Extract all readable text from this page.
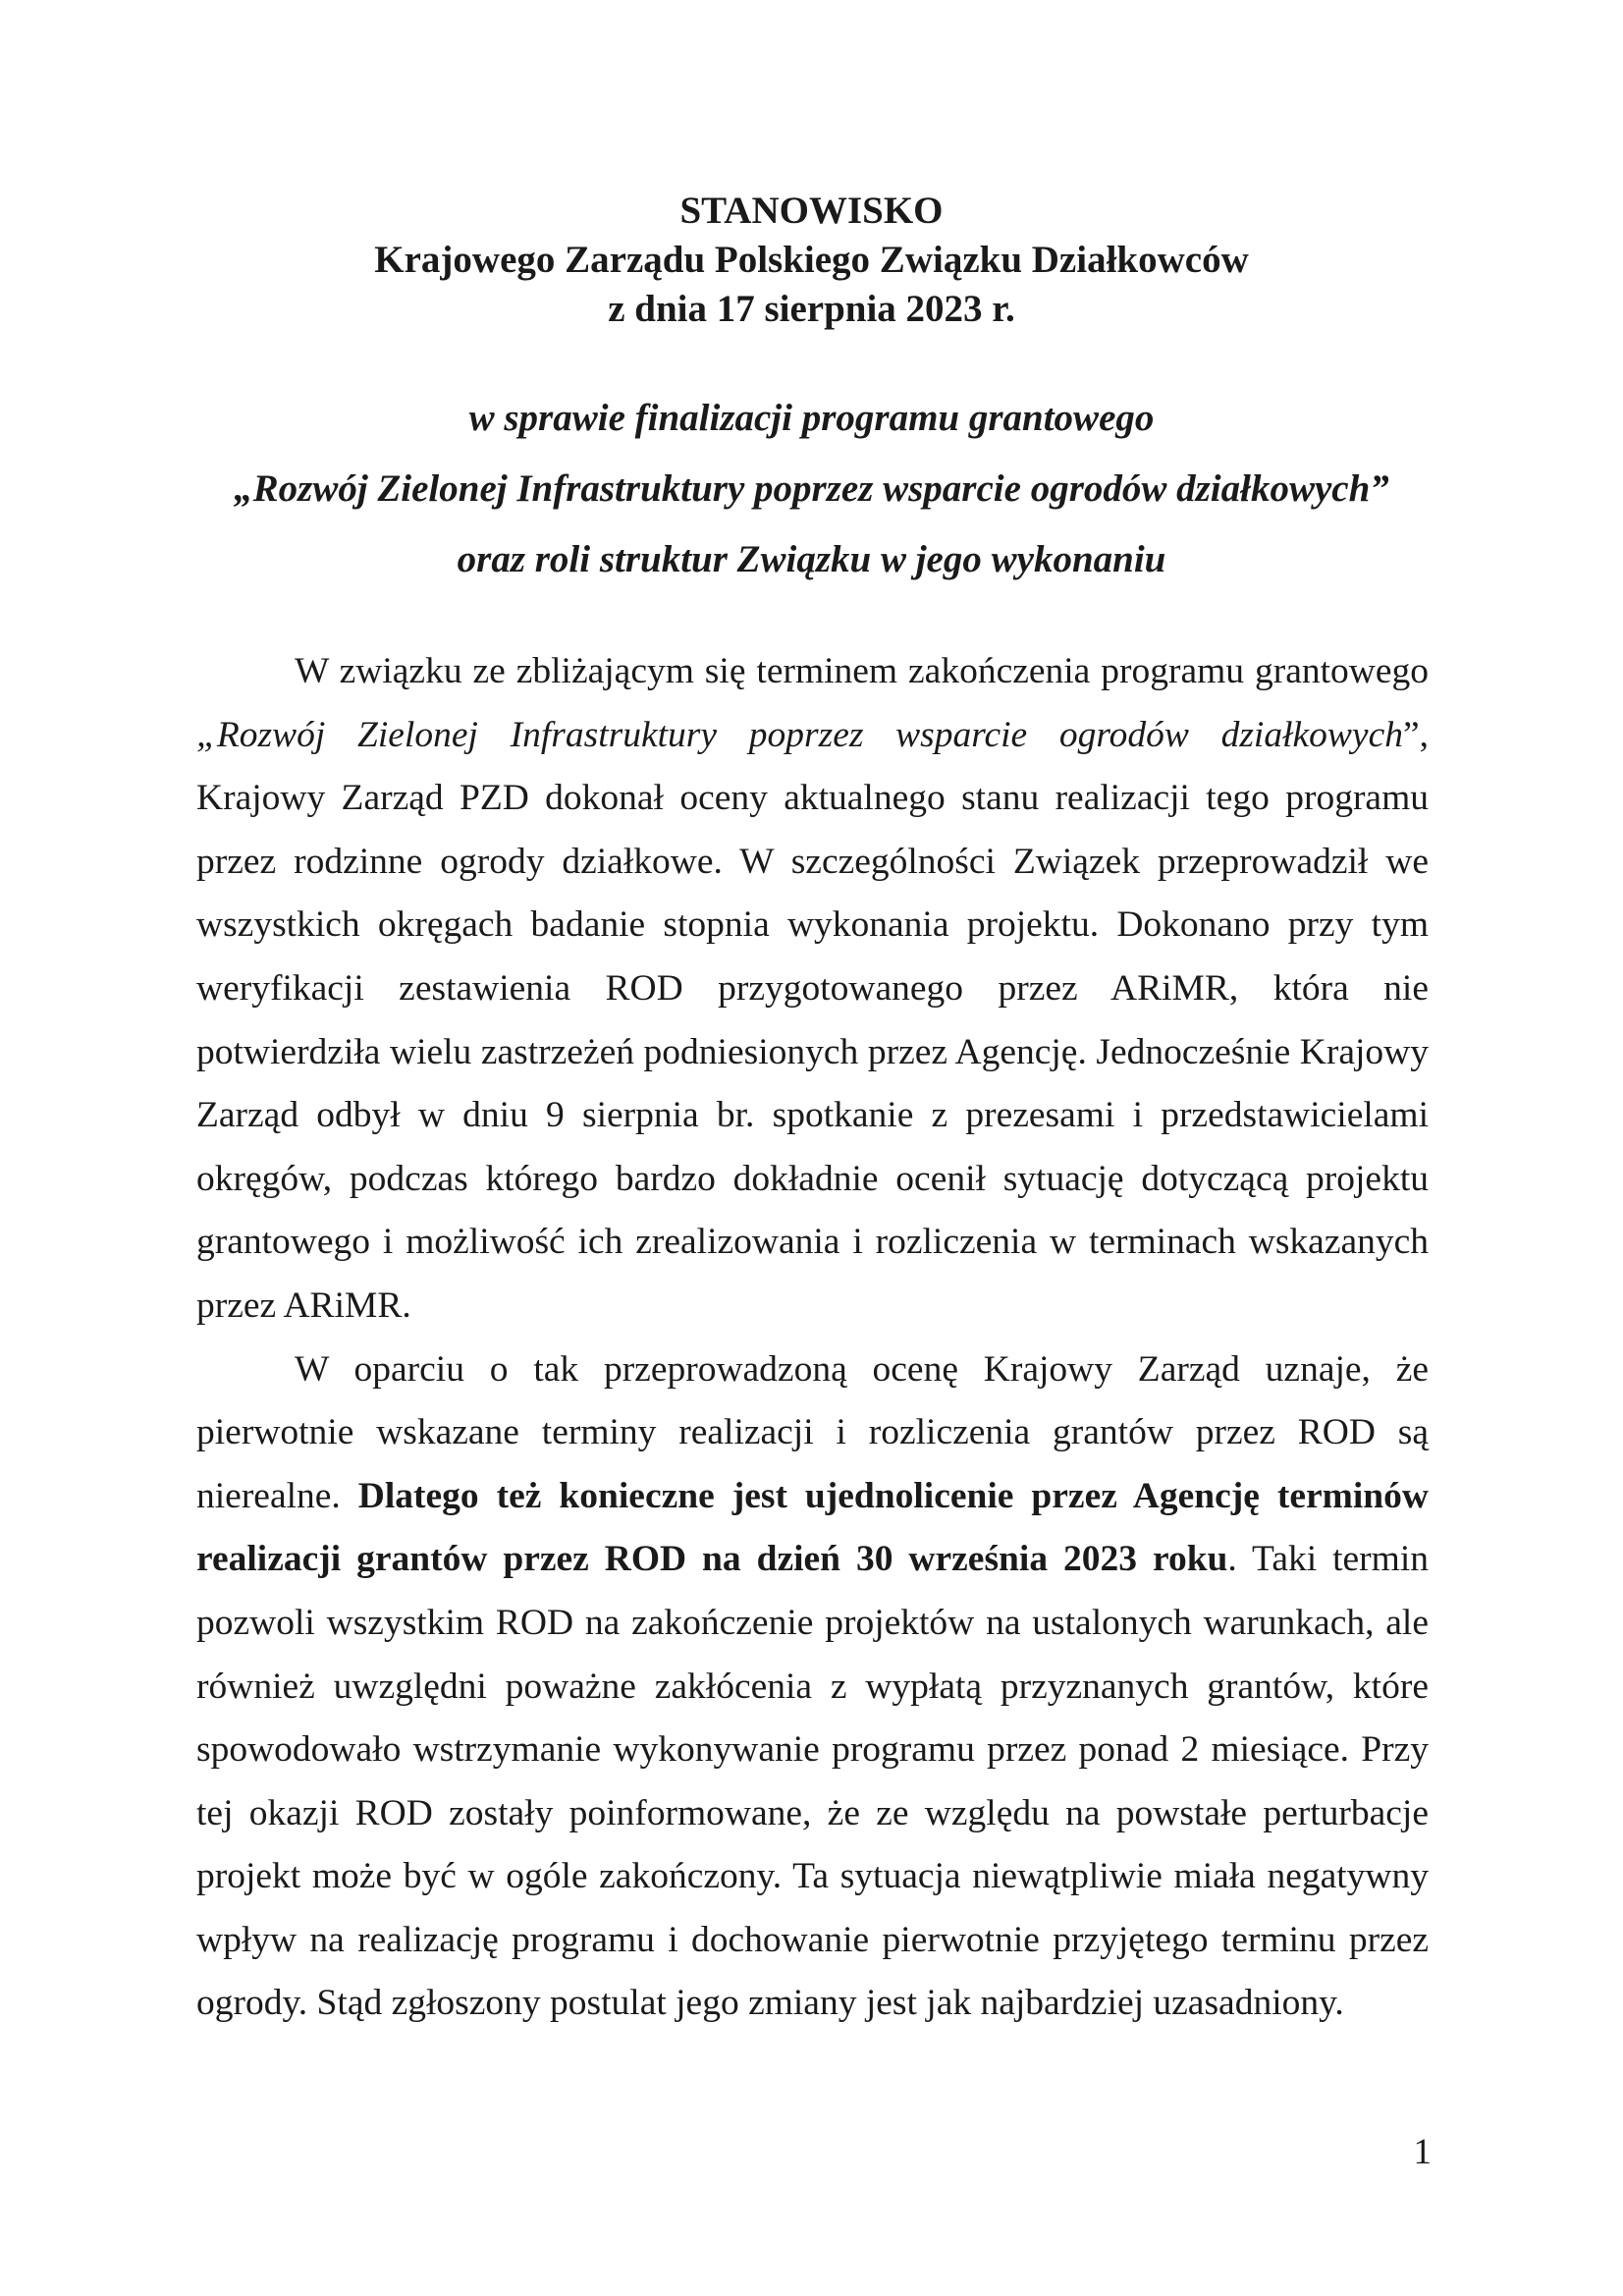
STANOWISKO
Krajowego Zarządu Polskiego Związku Działkowców
z dnia 17 sierpnia 2023 r.
w sprawie finalizacji programu grantowego
„Rozwój Zielonej Infrastruktury poprzez wsparcie ogrodów działkowych”
oraz roli struktur Związku w jego wykonaniu

W związku ze zbliżającym się terminem zakończenia programu grantowego „Rozwój Zielonej Infrastruktury poprzez wsparcie ogrodów działkowych”, Krajowy Zarząd PZD dokonał oceny aktualnego stanu realizacji tego programu przez rodzinne ogrody działkowe. W szczególności Związek przeprowadził we wszystkich okręgach badanie stopnia wykonania projektu. Dokonano przy tym weryfikacji zestawienia ROD przygotowanego przez ARiMR, która nie potwierdziła wielu zastrzeżeń podniesionych przez Agencję. Jednocześnie Krajowy Zarząd odbył w dniu 9 sierpnia br. spotkanie z prezesami i przedstawicielami okręgów, podczas którego bardzo dokładnie ocenił sytuację dotyczącą projektu grantowego i możliwość ich zrealizowania i rozliczenia w terminach wskazanych przez ARiMR.

W oparciu o tak przeprowadzoną ocenę Krajowy Zarząd uznaje, że pierwotnie wskazane terminy realizacji i rozliczenia grantów przez ROD są nierealne. Dlatego też konieczne jest ujednolicenie przez Agencję terminów realizacji grantów przez ROD na dzień 30 września 2023 roku. Taki termin pozwoli wszystkim ROD na zakończenie projektów na ustalonych warunkach, ale również uwzględni poważne zakłócenia z wypłatą przyznanych grantów, które spowodowało wstrzymanie wykonywanie programu przez ponad 2 miesiące. Przy tej okazji ROD zostały poinformowane, że ze względu na powstałe perturbacje projekt może być w ogóle zakończony. Ta sytuacja niewątpliwie miała negatywny wpływ na realizację programu i dochowanie pierwotnie przyjętego terminu przez ogrody. Stąd zgłoszony postulat jego zmiany jest jak najbardziej uzasadniony.

1
